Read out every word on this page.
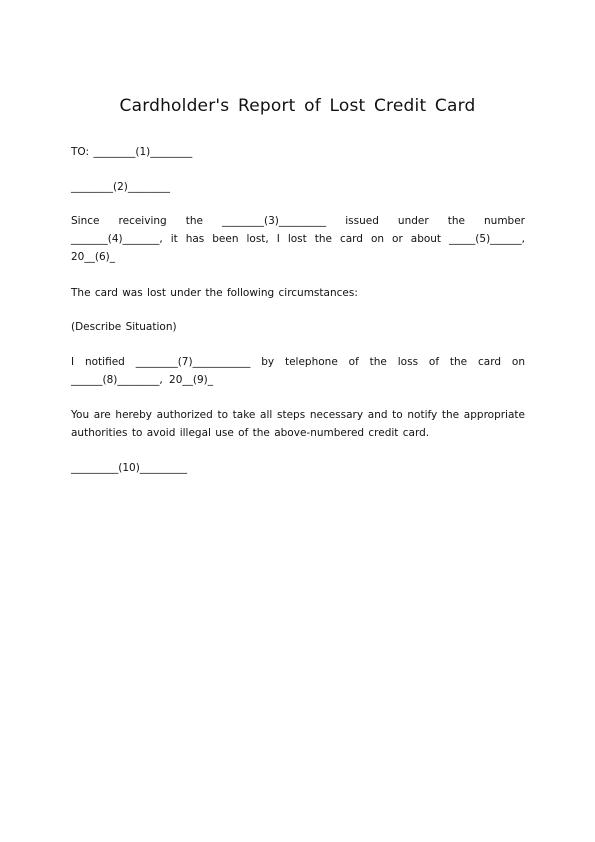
Cardholder's Report of Lost Credit Card
TO: ________(1)________
________(2)________
Since receiving the ________(3)_________ issued under the number _______(4)_______, it has been lost, I lost the card on or about _____(5)______, 20__(6)_
The card was lost under the following circumstances:
(Describe Situation)
I notified ________(7)___________ by telephone of the loss of the card on ______(8)________, 20__(9)_
You are hereby authorized to take all steps necessary and to notify the appropriate authorities to avoid illegal use of the above-numbered credit card.
_________(10)_________
